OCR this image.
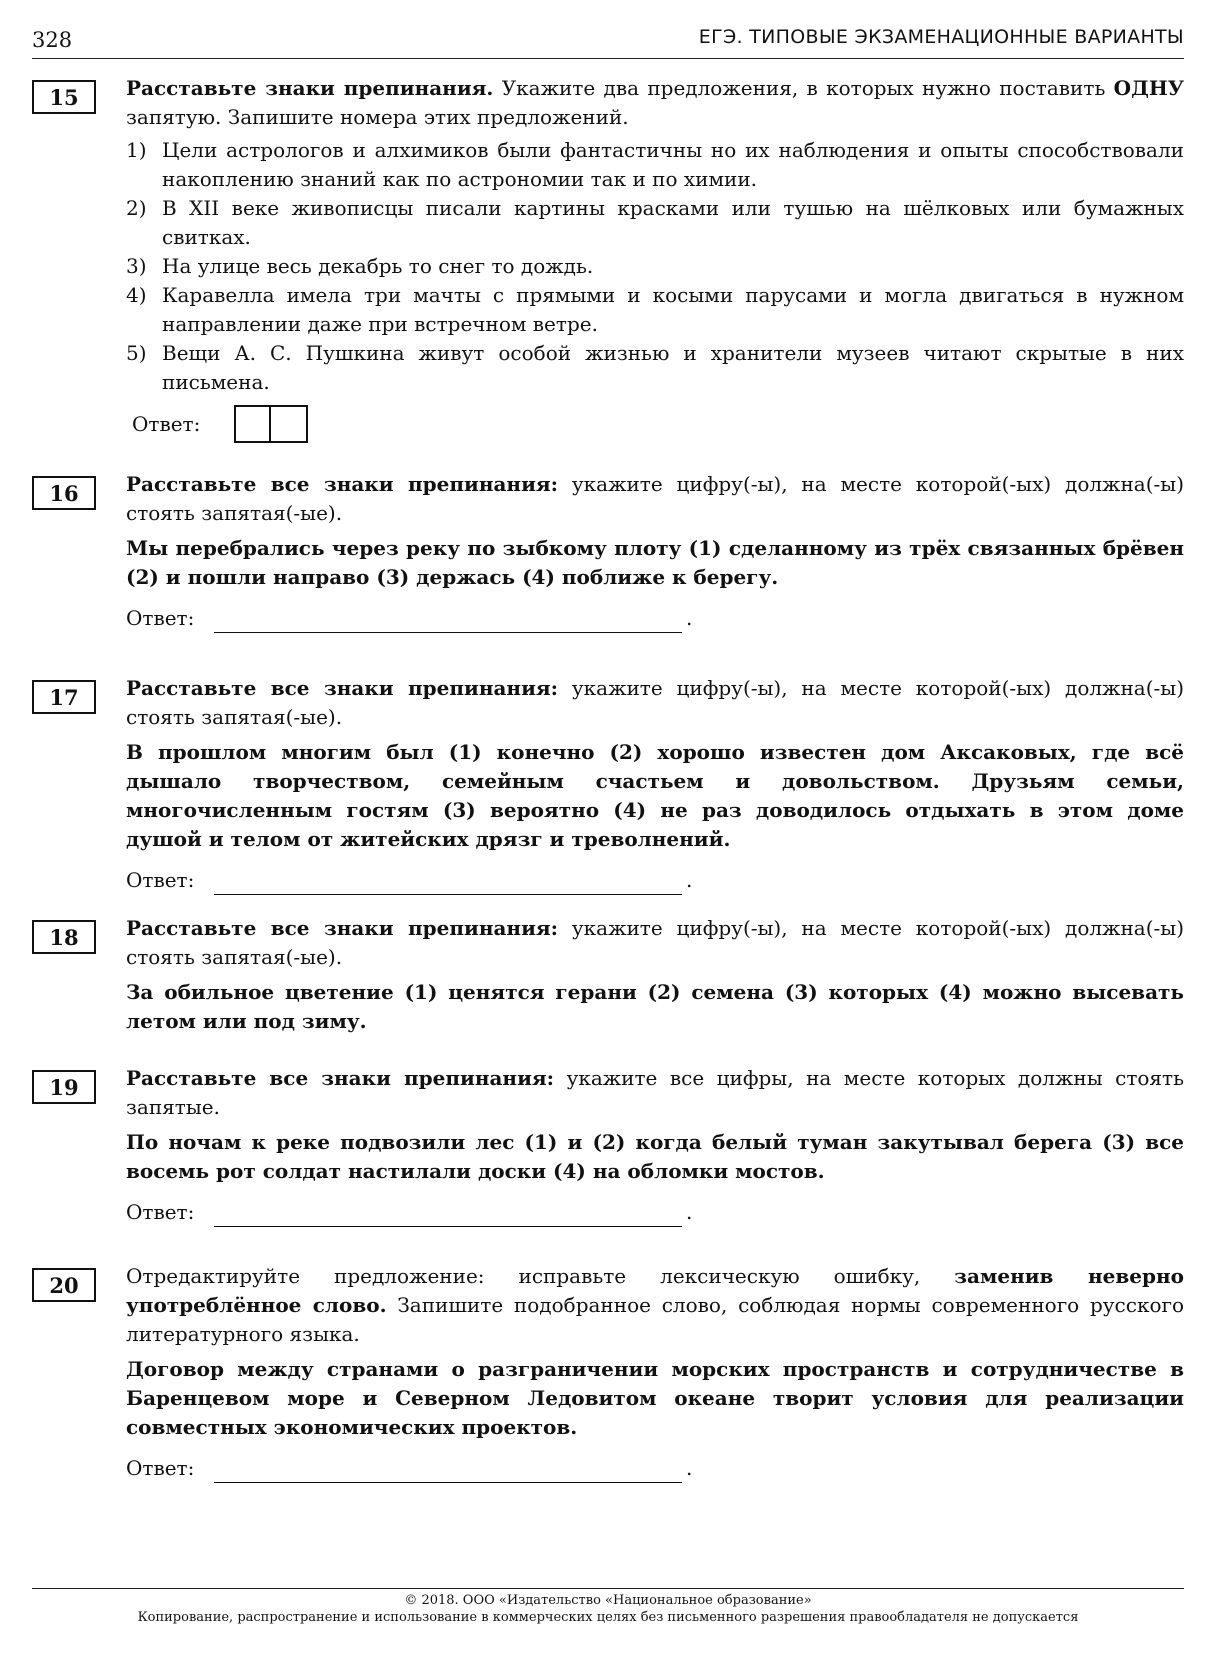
328	ЕГЭ. ТИПОВЫЕ ЭКЗАМЕНАЦИОННЫЕ ВАРИАНТЫ
15	Расставьте знаки препинания. Укажите два предложения, в которых нужно поставить ОДНУ запятую. Запишите номера этих предложений.
1) Цели астрологов и алхимиков были фантастичны но их наблюдения и опыты способствовали накоплению знаний как по астрономии так и по химии.
2) В XII веке живописцы писали картины красками или тушью на шёлковых или бумажных свитках.
3) На улице весь декабрь то снег то дождь.
4) Каравелла имела три мачты с прямыми и косыми парусами и могла двигаться в нужном направлении даже при встречном ветре.
5) Вещи А. С. Пушкина живут особой жизнью и хранители музеев читают скрытые в них письмена.
Ответ:
16	Расставьте все знаки препинания: укажите цифру(-ы), на месте которой(-ых) должна(-ы) стоять запятая(-ые).
Мы перебрались через реку по зыбкому плоту (1) сделанному из трёх связанных брёвен (2) и пошли направо (3) держась (4) поближе к берегу.
Ответ:	.
17	Расставьте все знаки препинания: укажите цифру(-ы), на месте которой(-ых) должна(-ы) стоять запятая(-ые).
В прошлом многим был (1) конечно (2) хорошо известен дом Аксаковых, где всё дышало творчеством, семейным счастьем и довольством. Друзьям семьи, многочисленным гостям (3) вероятно (4) не раз доводилось отдыхать в этом доме душой и телом от житейских дрязг и треволнений.
Ответ:	.
18	Расставьте все знаки препинания: укажите цифру(-ы), на месте которой(-ых) должна(-ы) стоять запятая(-ые).
За обильное цветение (1) ценятся герани (2) семена (3) которых (4) можно высевать летом или под зиму.
19	Расставьте все знаки препинания: укажите все цифры, на месте которых должны стоять запятые.
По ночам к реке подвозили лес (1) и (2) когда белый туман закутывал берега (3) все восемь рот солдат настилали доски (4) на обломки мостов.
Ответ:	.
20	Отредактируйте предложение: исправьте лексическую ошибку, заменив неверно употреблённое слово. Запишите подобранное слово, соблюдая нормы современного русского литературного языка.
Договор между странами о разграничении морских пространств и сотрудничестве в Баренцевом море и Северном Ледовитом океане творит условия для реализации совместных экономических проектов.
Ответ:	.
© 2018. ООО «Издательство «Национальное образование»
Копирование, распространение и использование в коммерческих целях без письменного разрешения правообладателя не допускается
